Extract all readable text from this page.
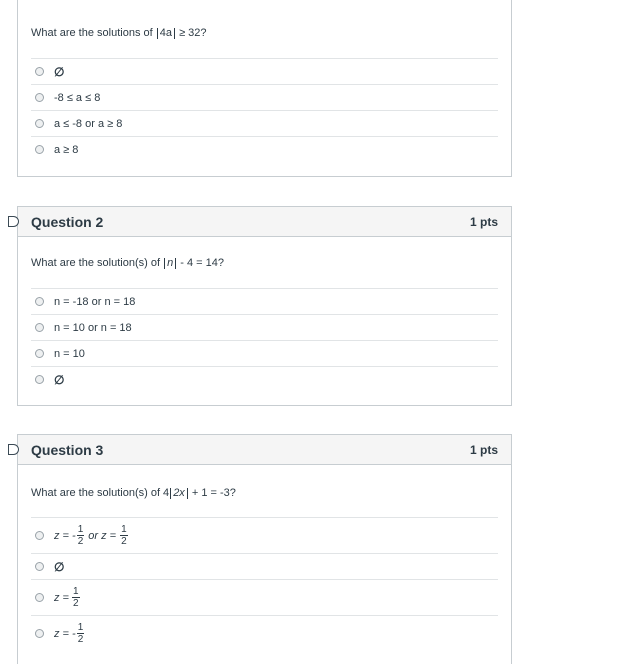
What are the solutions of 4a ≥ 32?
∅
-8 ≤ a ≤ 8
a ≤ -8 or a ≥ 8
a ≥ 8
Question 2	1 pts
What are the solution(s) of n - 4 = 14?
n = -18 or n = 18
n = 10 or n = 18
n = 10
∅
Question 3	1 pts
What are the solution(s) of 4 2x + 1 = -3?
z = - $\frac{1}{2}$ or $z = \frac{1}{2}$
∅
$z = \frac{1}{2}$
z = - $\frac{1}{2}$
